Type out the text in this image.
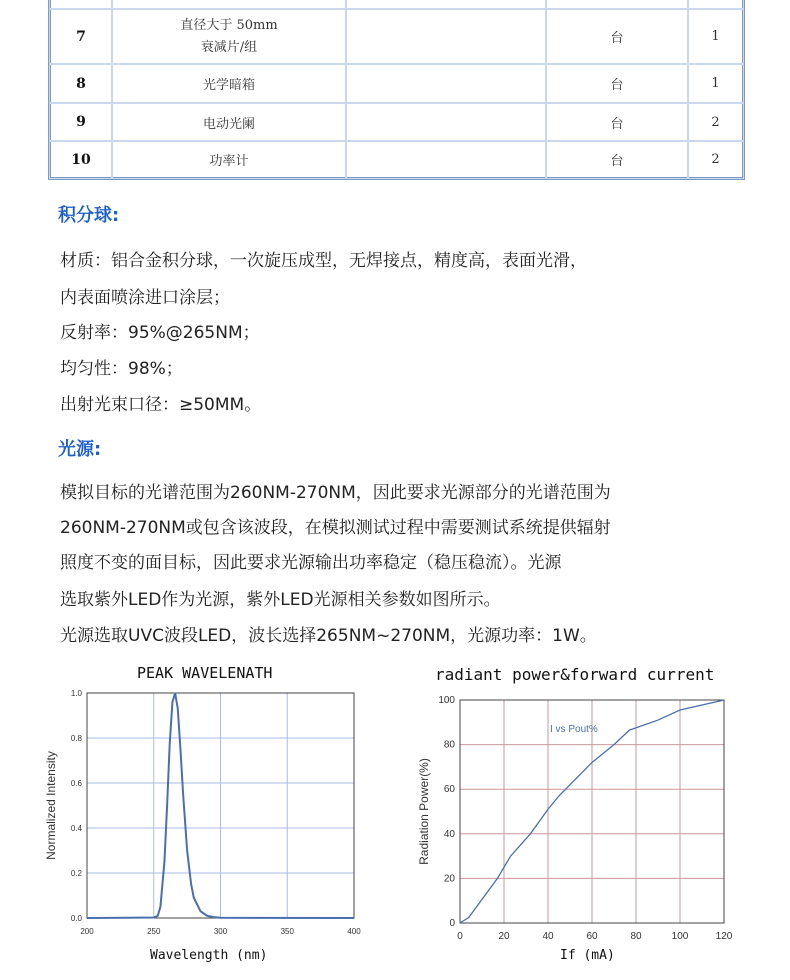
7	直径大于 50mm 衰减片/组		台	1
8	光学暗箱		台	1
9	电动光阑		台	2
10	功率计		台	2
积分球:
材质：铝合金积分球，一次旋压成型，无焊接点，精度高，表面光滑，
内表面喷涂进口涂层；
反射率：95%@265NM；
均匀性：98%；
出射光束口径：≥50MM。
光源:
模拟目标的光谱范围为260NM-270NM，因此要求光源部分的光谱范围为
260NM-270NM或包含该波段，在模拟测试过程中需要测试系统提供辐射
照度不变的面目标，因此要求光源输出功率稳定（稳压稳流）。光源
选取紫外LED作为光源，紫外LED光源相关参数如图所示。
光源选取UVC波段LED，波长选择265NM~270NM，光源功率：1W。
PEAK WAVELENATH
Wavelength (nm)
radiant power&forward current
If (mA)
200	250	300	350	400
0.0
0.2
0.4
0.6
0.8
1.0
Normalized Intensity
0	20	40	60	80	100	120
0
20
40
60
80
100
Radiation Power(%)
I vs Pout%
